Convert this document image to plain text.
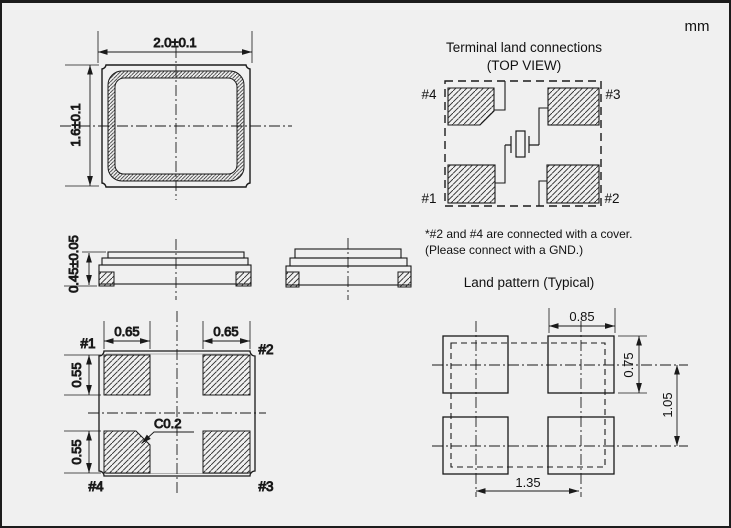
2.0±0.1
1.6±0.1
0.45±0.05
0.65	0.65
0.55
0.55
C0.2
#1	#2
#4	#3
Terminal land connections
(TOP VIEW)
#4	#3
#1	#2
*#2 and #4 are connected with a cover.
(Please connect with a GND.)
Land pattern (Typical)
0.85
0.75
1.05
1.35
mm
